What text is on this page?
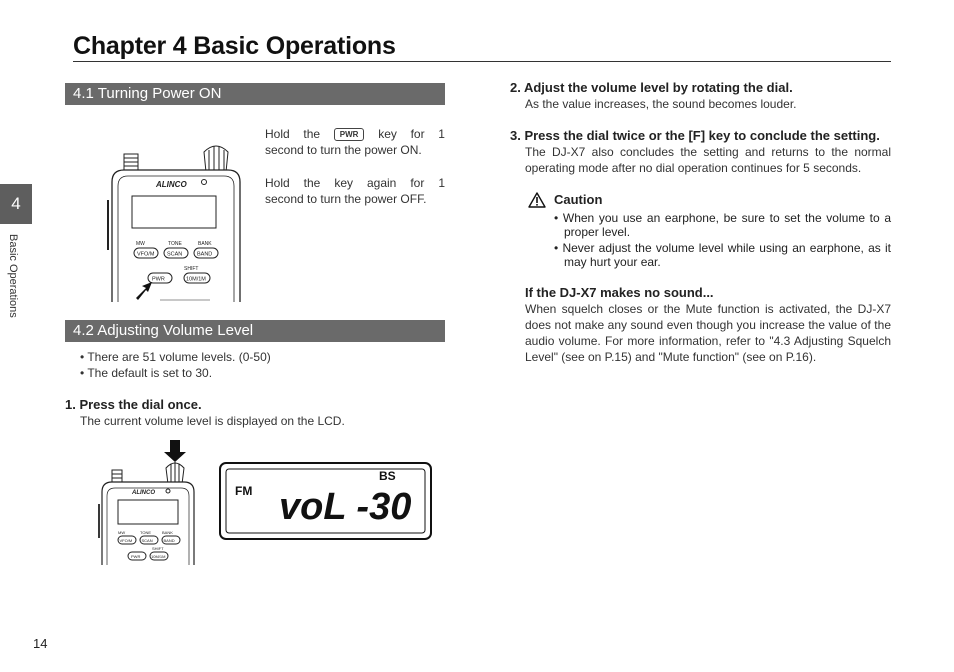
Chapter 4 Basic Operations
4
Basic Operations
4.1 Turning Power ON
ALINCO
MW	TONE	BANK
VFO/M SCAN	BAND
SHIFT
PWR	10M/1M
Hold the PWR key for 1
second to turn the power ON.
Hold the key again for 1
second to turn the power OFF.
4.2 Adjusting Volume Level
• There are 51 volume levels. (0-50)
• The default is set to 30.
1. Press the dial once.
The current volume level is displayed on the LCD.
ALINCO
MW	TONE	BANK
VFO/M SCAN	BAND
SHIFT
PWR	10M/1M
FM
BS
voL -30
2. Adjust the volume level by rotating the dial.
As the value increases, the sound becomes louder.
3. Press the dial twice or the [F] key to conclude the setting.
The DJ-X7 also concludes the setting and returns to the normal operating mode after no dial operation continues for 5 seconds.
Caution
• When you use an earphone, be sure to set the volume to a proper level.
• Never adjust the volume level while using an earphone, as it may hurt your ear.
If the DJ-X7 makes no sound...
When squelch closes or the Mute function is activated, the DJ-X7 does not make any sound even though you increase the value of the audio volume. For more information, refer to "4.3 Adjusting Squelch Level" (see on P.15) and "Mute function" (see on P.16).
14
